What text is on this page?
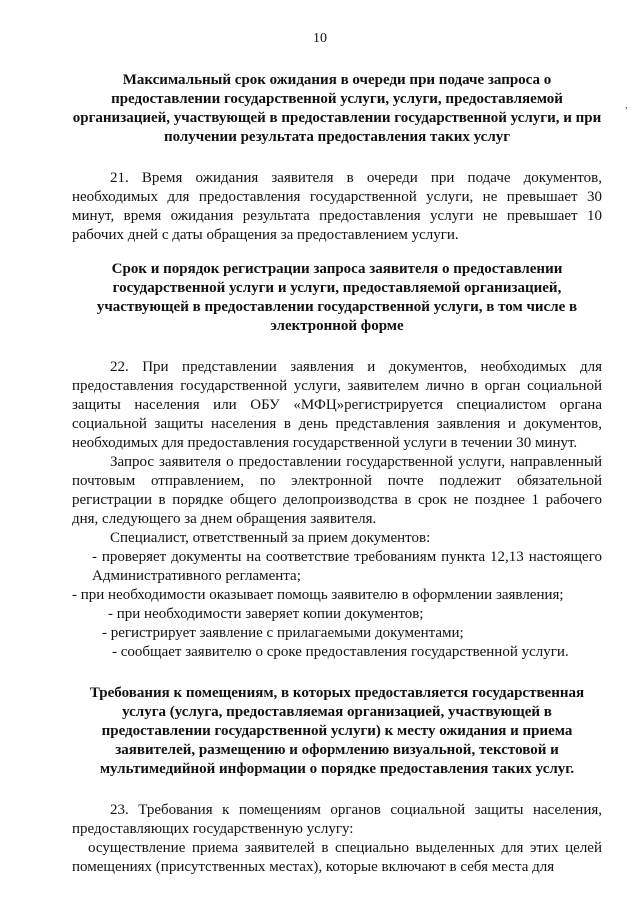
10
,

Максимальный срок ожидания в очереди при подаче запроса о предоставлении государственной услуги, услуги, предоставляемой организацией, участвующей в предоставлении государственной услуги, и при получении результата предоставления таких услуг

21. Время ожидания заявителя в очереди при подаче документов, необходимых для предоставления государственной услуги, не превышает 30 минут, время ожидания результата предоставления услуги не превышает 10 рабочих дней с даты обращения за предоставлением услуги.

Срок и порядок регистрации запроса заявителя о предоставлении государственной услуги и услуги, предоставляемой организацией, участвующей в предоставлении государственной услуги, в том числе в электронной форме

22. При представлении заявления и документов, необходимых для предоставления государственной услуги, заявителем лично в орган социальной защиты населения или ОБУ «МФЦ»регистрируется специалистом органа социальной защиты населения в день представления заявления и документов, необходимых для предоставления государственной услуги в течении 30 минут.

Запрос заявителя о предоставлении государственной услуги, направленный почтовым отправлением, по электронной почте подлежит обязательной регистрации в порядке общего делопроизводства в срок не позднее 1 рабочего дня, следующего за днем обращения заявителя.

Специалист, ответственный за прием документов:

- проверяет документы на соответствие требованиям пункта 12,13 настоящего Административного регламента;

- при необходимости оказывает помощь заявителю в оформлении заявления;

- при необходимости заверяет копии документов;

- регистрирует заявление с прилагаемыми документами;

- сообщает заявителю о сроке предоставления государственной услуги.

Требования к помещениям, в которых предоставляется государственная услуга (услуга, предоставляемая организацией, участвующей в предоставлении государственной услуги) к месту ожидания и приема заявителей, размещению и оформлению визуальной, текстовой и мультимедийной информации о порядке предоставления таких услуг.

23. Требования к помещениям органов социальной защиты населения, предоставляющих государственную услугу:

осуществление приема заявителей в специально выделенных для этих целей помещениях (присутственных местах), которые включают в себя места для
